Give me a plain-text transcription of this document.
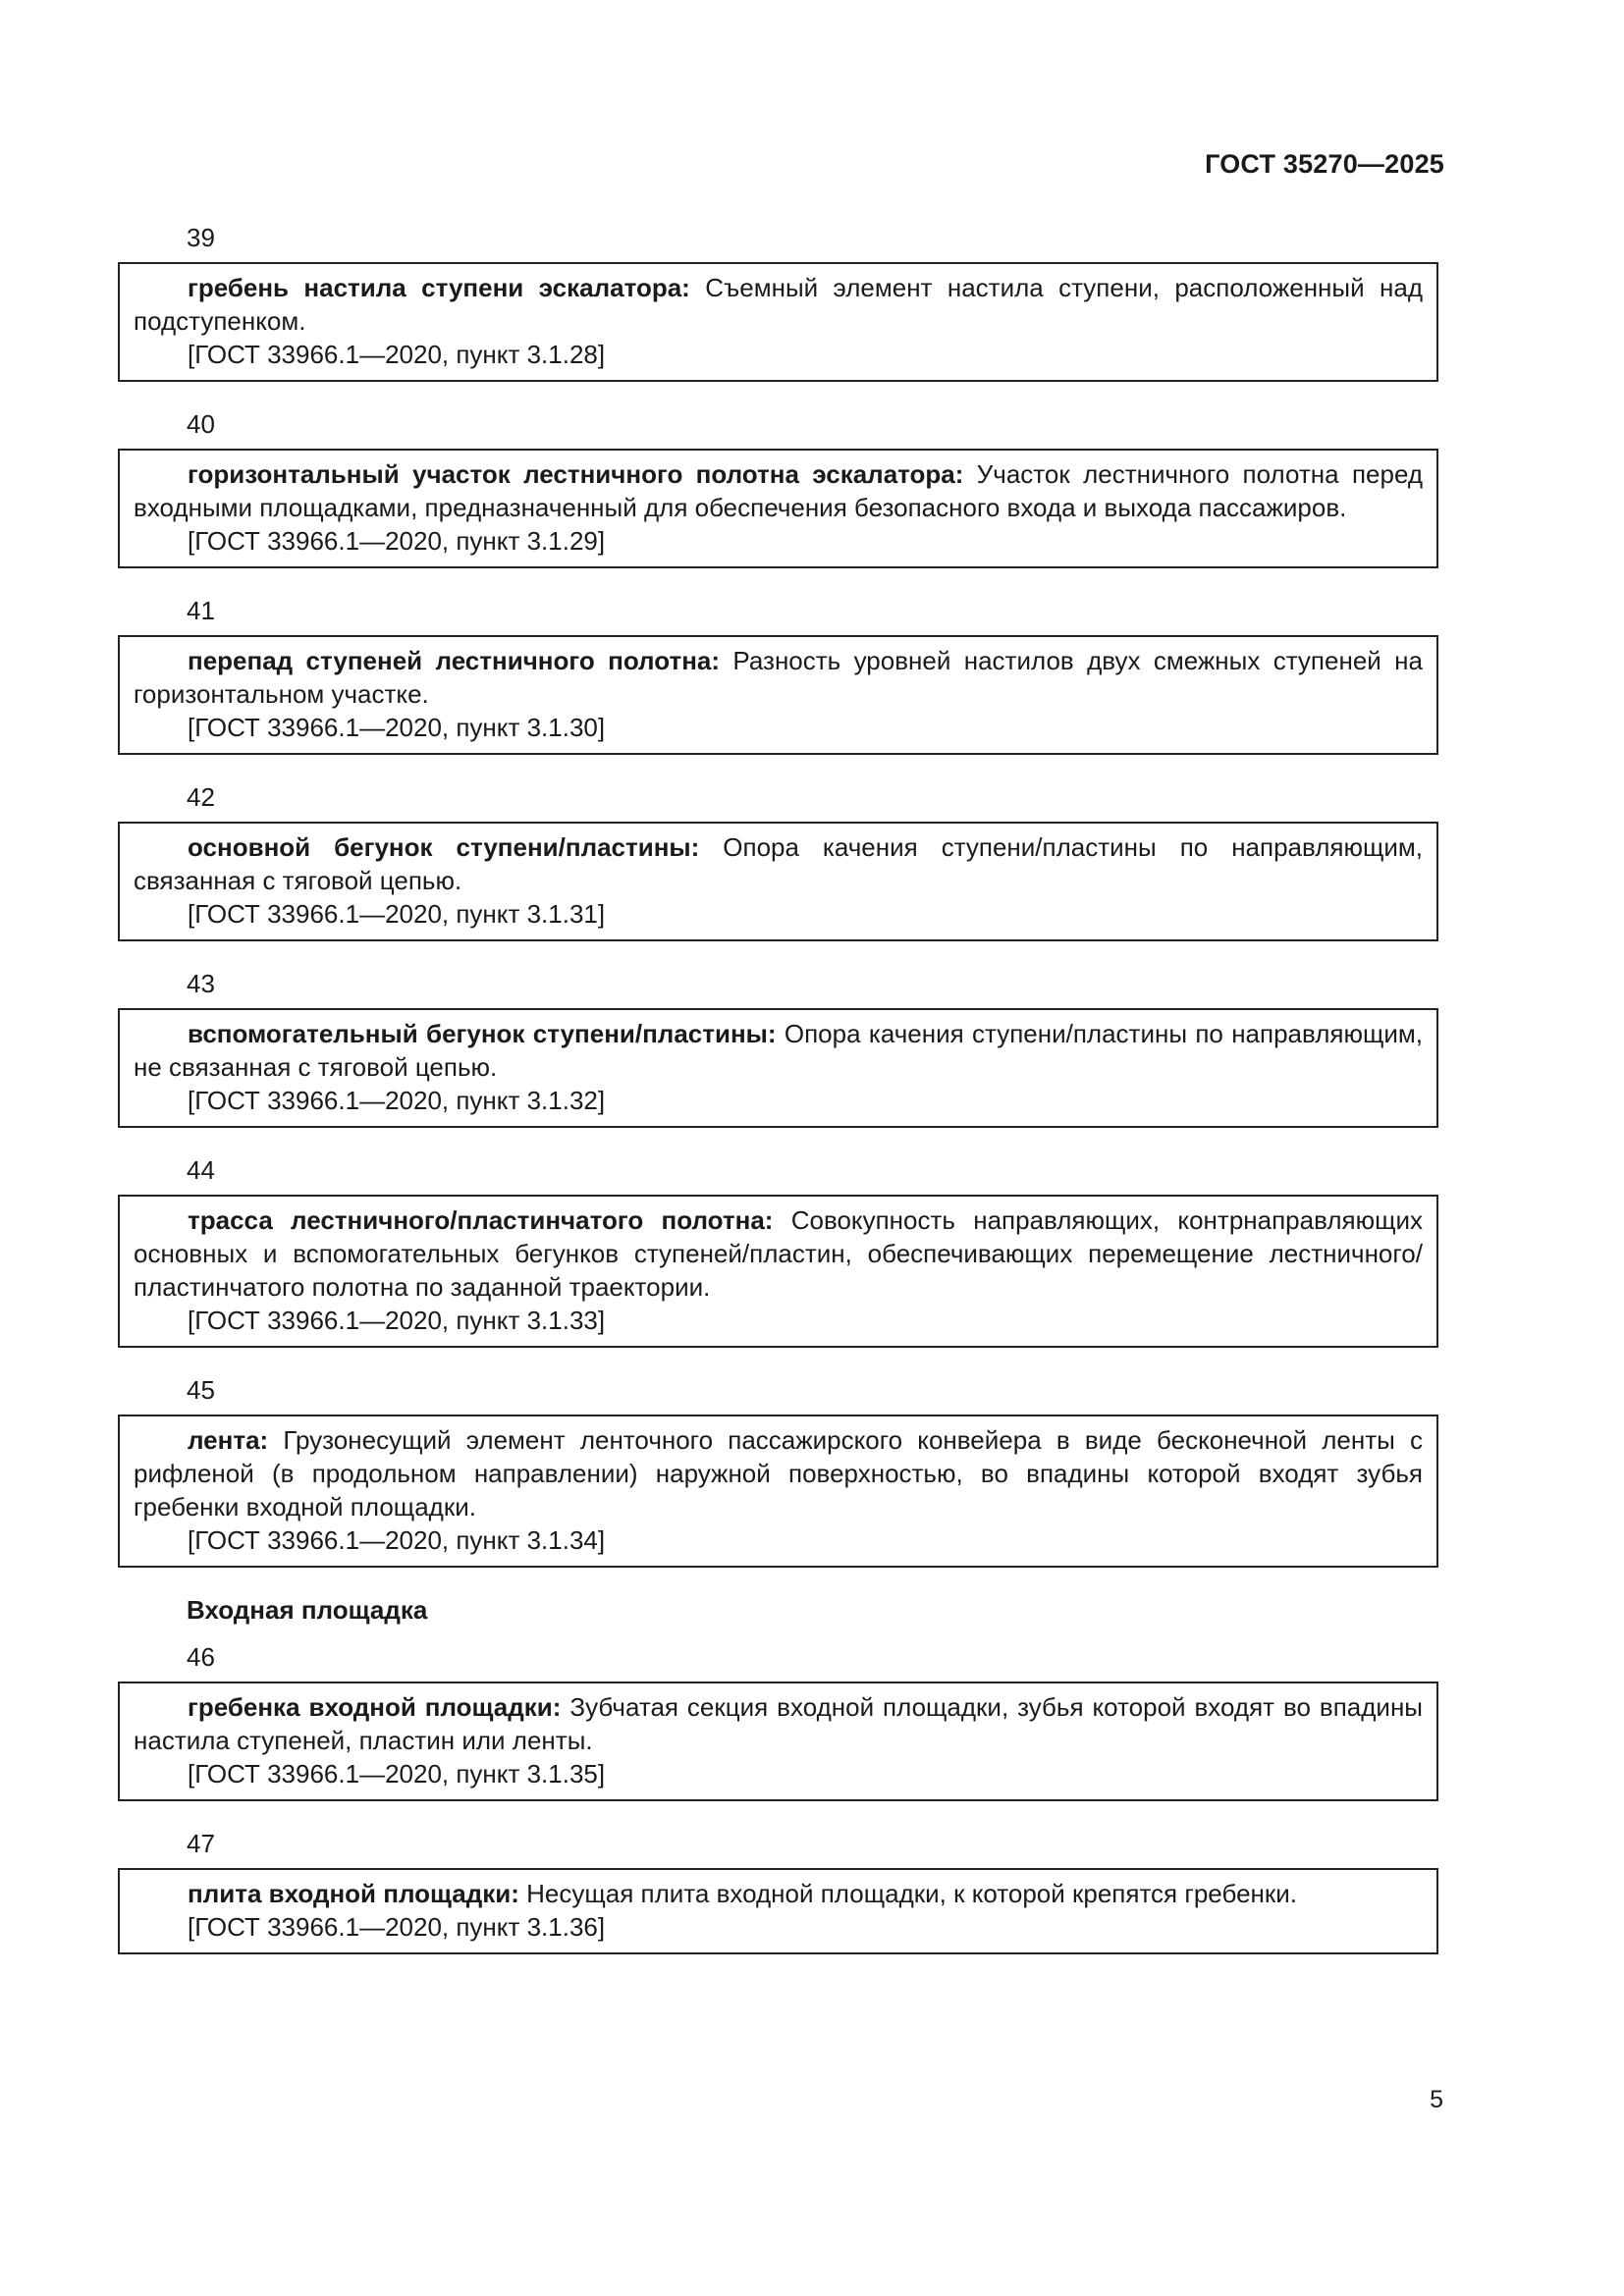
ГОСТ 35270—2025
39
гребень настила ступени эскалатора: Съемный элемент настила ступени, расположенный над подступенком.
[ГОСТ 33966.1—2020, пункт 3.1.28]
40
горизонтальный участок лестничного полотна эскалатора: Участок лестничного полотна перед входными площадками, предназначенный для обеспечения безопасного входа и выхода пассажиров.
[ГОСТ 33966.1—2020, пункт 3.1.29]
41
перепад ступеней лестничного полотна: Разность уровней настилов двух смежных ступеней на горизонтальном участке.
[ГОСТ 33966.1—2020, пункт 3.1.30]
42
основной бегунок ступени/пластины: Опора качения ступени/пластины по направляющим, связанная с тяговой цепью.
[ГОСТ 33966.1—2020, пункт 3.1.31]
43
вспомогательный бегунок ступени/пластины: Опора качения ступени/пластины по направляющим, не связанная с тяговой цепью.
[ГОСТ 33966.1—2020, пункт 3.1.32]
44
трасса лестничного/пластинчатого полотна: Совокупность направляющих, контрнаправляющих основных и вспомогательных бегунков ступеней/пластин, обеспечивающих перемещение лестничного/пластинчатого полотна по заданной траектории.
[ГОСТ 33966.1—2020, пункт 3.1.33]
45
лента: Грузонесущий элемент ленточного пассажирского конвейера в виде бесконечной ленты с рифленой (в продольном направлении) наружной поверхностью, во впадины которой входят зубья гребенки входной площадки.
[ГОСТ 33966.1—2020, пункт 3.1.34]
Входная площадка
46
гребенка входной площадки: Зубчатая секция входной площадки, зубья которой входят во впадины настила ступеней, пластин или ленты.
[ГОСТ 33966.1—2020, пункт 3.1.35]
47
плита входной площадки: Несущая плита входной площадки, к которой крепятся гребенки.
[ГОСТ 33966.1—2020, пункт 3.1.36]
5
